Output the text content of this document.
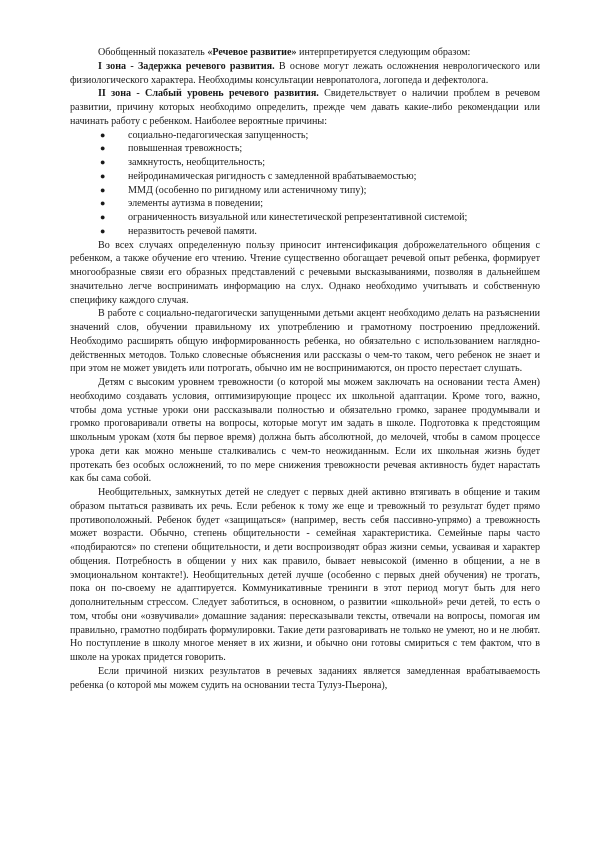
Обобщенный показатель «Речевое развитие» интерпретируется следующим образом:

I зона - Задержка речевого развития. В основе могут лежать осложнения неврологического или физиологического характера. Необходимы консультации невропатолога, логопеда и дефектолога.

II зона - Слабый уровень речевого развития. Свидетельствует о наличии проблем в речевом развитии, причину которых необходимо определить, прежде чем давать какие-либо рекомендации или начинать работу с ребенком. Наиболее вероятные причины:

● социально-педагогическая запущенность;
● повышенная тревожность;
● замкнутость, необщительность;
● нейродинамическая ригидность с замедленной врабатываемостью;
● ММД (особенно по ригидному или астеничному типу);
● элементы аутизма в поведении;
● ограниченность визуальной или кинестетической репрезентативной системой;
● неразвитость речевой памяти.

Во всех случаях определенную пользу приносит интенсификация доброжелательного общения с ребенком, а также обучение его чтению. Чтение существенно обогащает речевой опыт ребенка, формирует многообразные связи его образных представлений с речевыми высказываниями, позволяя в дальнейшем значительно легче воспринимать информацию на слух. Однако необходимо учитывать и собственную специфику каждого случая.

В работе с социально-педагогически запущенными детьми акцент необходимо делать на разъяснении значений слов, обучении правильному их употреблению и грамотному построению предложений. Необходимо расширять общую информированность ребенка, но обязательно с использованием наглядно-действенных методов. Только словесные объяснения или рассказы о чем-то таком, чего ребенок не знает и при этом не может увидеть или потрогать, обычно им не воспринимаются, он просто перестает слушать.

Детям с высоким уровнем тревожности (о которой мы можем заключать на основании теста Амен) необходимо создавать условия, оптимизирующие процесс их школьной адаптации. Кроме того, важно, чтобы дома устные уроки они рассказывали полностью и обязательно громко, заранее продумывали и громко проговаривали ответы на вопросы, которые могут им задать в школе. Подготовка к предстоящим школьным урокам (хотя бы первое время) должна быть абсолютной, до мелочей, чтобы в самом процессе урока дети как можно меньше сталкивались с чем-то неожиданным. Если их школьная жизнь будет протекать без особых осложнений, то по мере снижения тревожности речевая активность будет нарастать как бы сама собой.

Необщительных, замкнутых детей не следует с первых дней активно втягивать в общение и таким образом пытаться развивать их речь. Если ребенок к тому же еще и тревожный то результат будет прямо противоположный. Ребенок будет «защищаться» (например, весть себя пассивно-упрямо) а тревожность может возрасти. Обычно, степень общительности - семейная характеристика. Семейные пары часто «подбираются» по степени общительности, и дети воспроизводят образ жизни семьи, усваивая и характер общения. Потребность в общении у них как правило, бывает невысокой (именно в общении, а не в эмоциональном контакте!). Необщительных детей лучше (особенно с первых дней обучения) не трогать, пока он по-своему не адаптируется. Коммуникативные тренинги в этот период могут быть для него дополнительным стрессом. Следует заботиться, в основном, о развитии «школьной» речи детей, то есть о том, чтобы они «озвучивали» домашние задания: пересказывали тексты, отвечали на вопросы, помогая им правильно, грамотно подбирать формулировки. Такие дети разговаривать не только не умеют, но и не любят. Но поступление в школу многое меняет в их жизни, и обычно они готовы смириться с тем фактом, что в школе на уроках придется говорить.

Если причиной низких результатов в речевых заданиях является замедленная врабатываемость ребенка (о которой мы можем судить на основании теста Тулуз-Пьерона),
